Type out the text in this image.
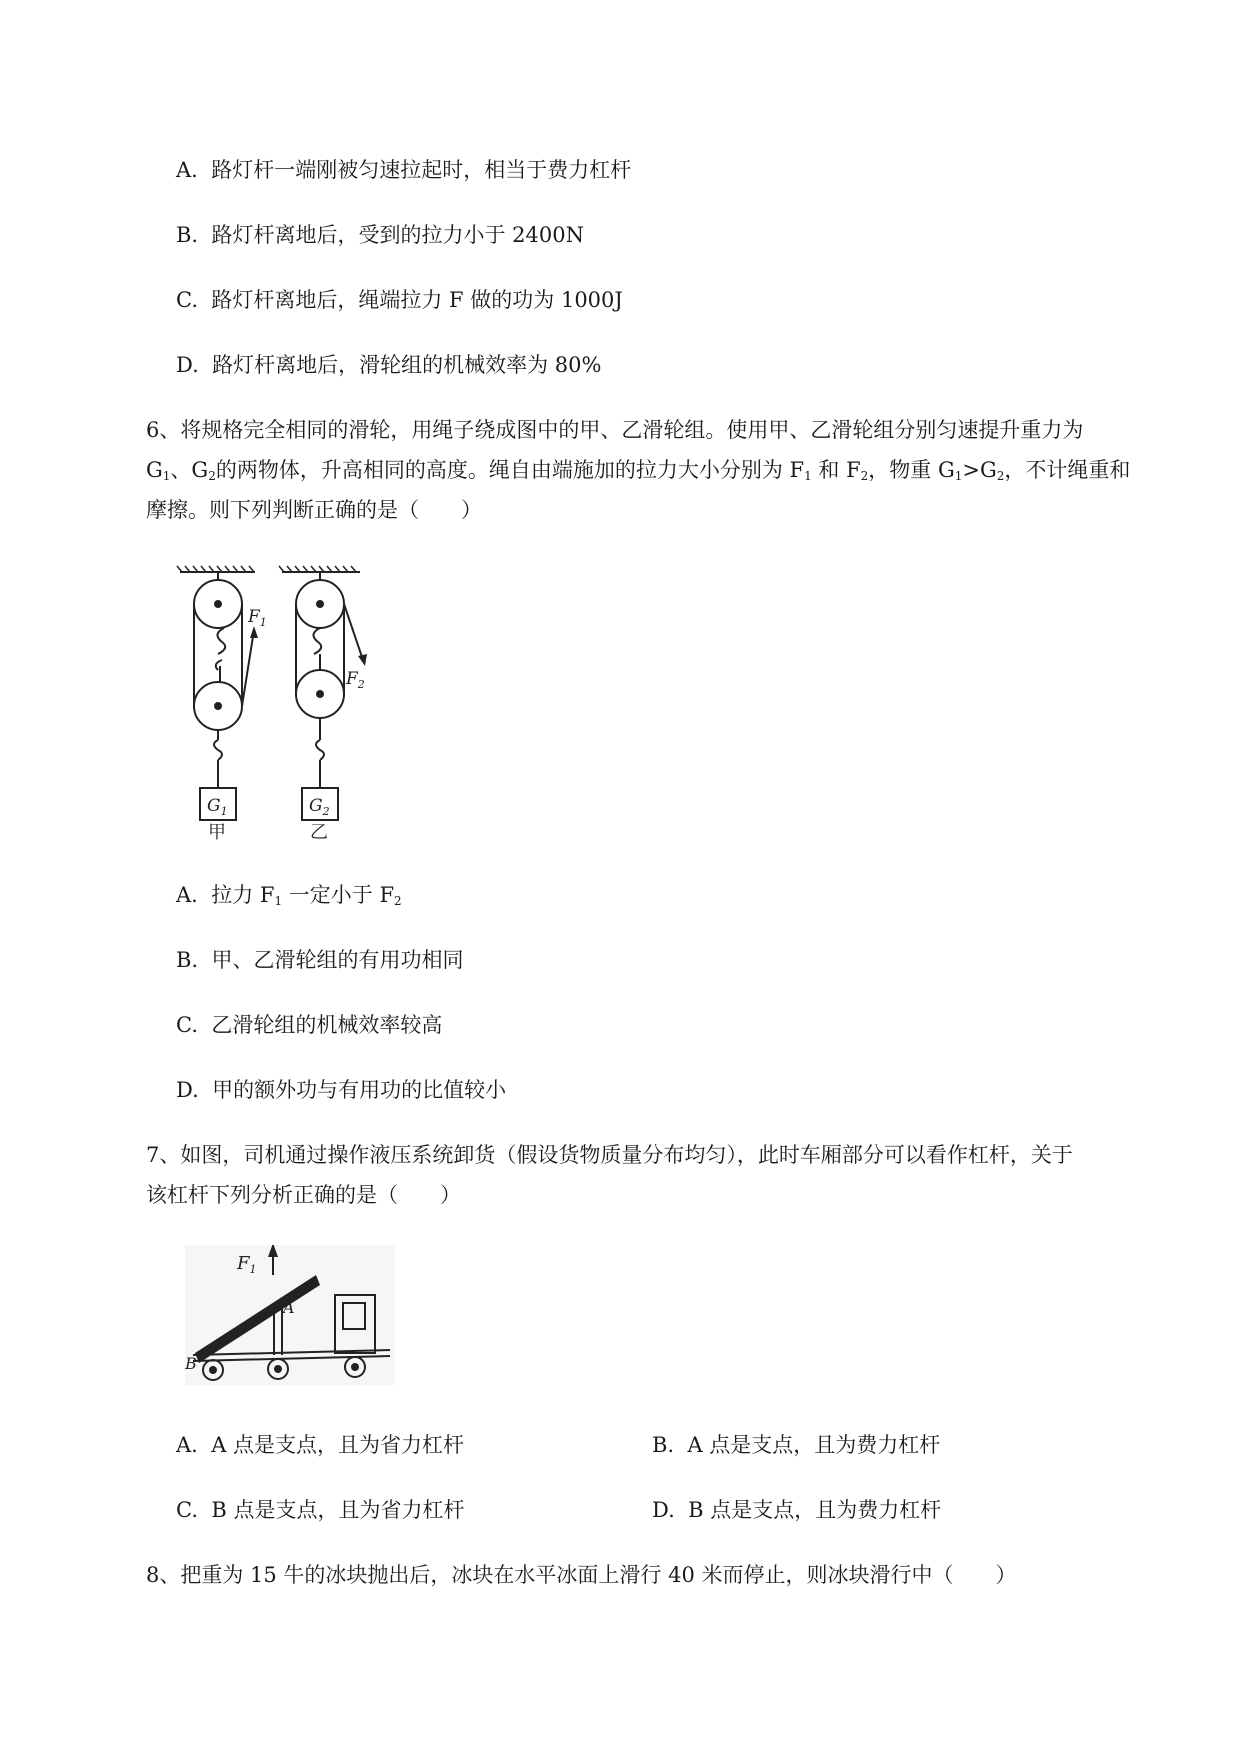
A. 路灯杆一端刚被匀速拉起时，相当于费力杠杆
B. 路灯杆离地后，受到的拉力小于 2400N
C. 路灯杆离地后，绳端拉力 F 做的功为 1000J
D. 路灯杆离地后，滑轮组的机械效率为 80%
6、将规格完全相同的滑轮，用绳子绕成图中的甲、乙滑轮组。使用甲、乙滑轮组分别匀速提升重力为
$G_1$、$G_2$的两物体，升高相同的高度。绳自由端施加的拉力大小分别为 $F_1$ 和 $F_2$，物重 $G_1>G_2$，不计绳重和
摩擦。则下列判断正确的是（　　）
$F_1$
$F_2$
$G_1$	$G_2$
甲	乙
A. 拉力 $F_1$ 一定小于 $F_2$
B. 甲、乙滑轮组的有用功相同
C. 乙滑轮组的机械效率较高
D. 甲的额外功与有用功的比值较小
7、如图，司机通过操作液压系统卸货（假设货物质量分布均匀），此时车厢部分可以看作杠杆，关于
该杠杆下列分析正确的是（　　）
$F_1$
A
B
A. A 点是支点，且为省力杠杆	B. A 点是支点，且为费力杠杆
C. B 点是支点，且为省力杠杆	D. B 点是支点，且为费力杠杆
8、把重为 15 牛的冰块抛出后，冰块在水平冰面上滑行 40 米而停止，则冰块滑行中（　　）
